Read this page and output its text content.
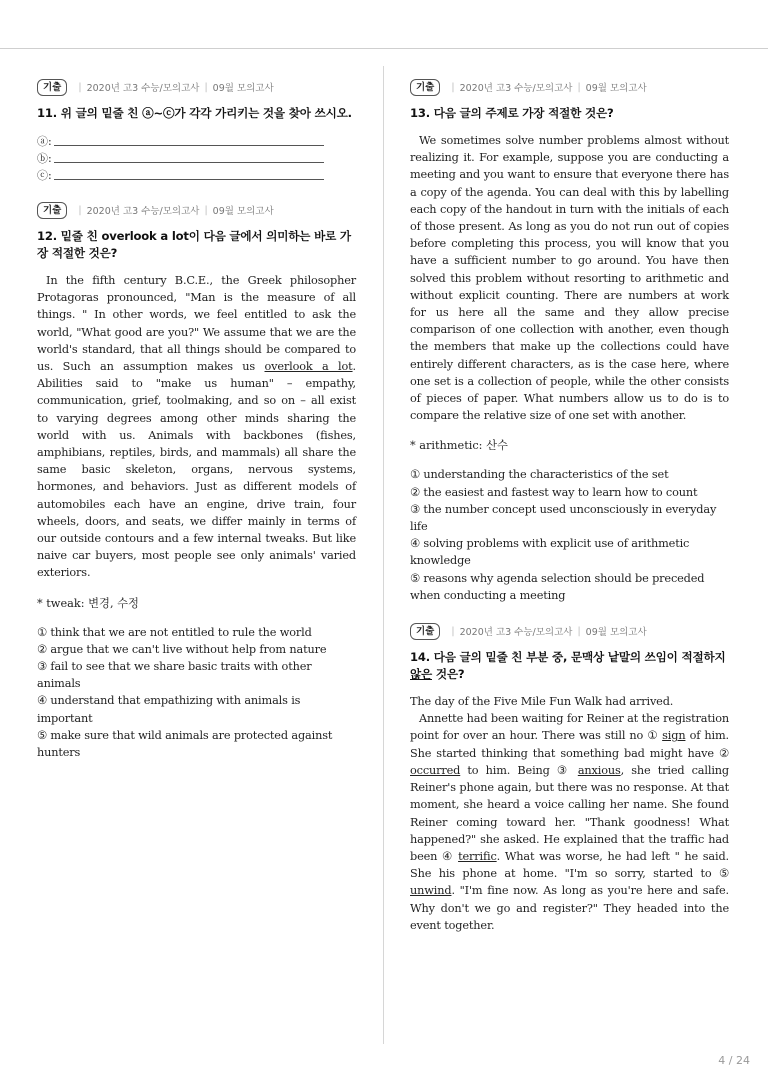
기출	| 2020년 고3 수능/모의고사 | 09월 모의고사
11. 위 글의 밑줄 친 ⓐ~ⓒ가 각각 가리키는 것을 찾아 쓰시오.
ⓐ:
ⓑ:
ⓒ:
기출	| 2020년 고3 수능/모의고사 | 09월 모의고사
12. 밑줄 친 overlook a lot이 다음 글에서 의미하는 바로 가장 적절한 것은?

In the fifth century B.C.E., the Greek philosopher Protagoras pronounced, "Man is the measure of all things. " In other words, we feel entitled to ask the world, "What good are you?" We assume that we are the world's standard, that all things should be compared to us. Such an assumption makes us overlook a lot. Abilities said to "make us human" – empathy, communication, grief, toolmaking, and so on – all exist to varying degrees among other minds sharing the world with us. Animals with backbones (fishes, amphibians, reptiles, birds, and mammals) all share the same basic skeleton, organs, nervous systems, hormones, and behaviors. Just as different models of automobiles each have an engine, drive train, four wheels, doors, and seats, we differ mainly in terms of our outside contours and a few internal tweaks. But like naive car buyers, most people see only animals' varied exteriors.

* tweak: 변경, 수정
① think that we are not entitled to rule the world
② argue that we can't live without help from nature
③ fail to see that we share basic traits with other animals
④ understand that empathizing with animals is important
⑤ make sure that wild animals are protected against hunters
기출	| 2020년 고3 수능/모의고사 | 09월 모의고사
13. 다음 글의 주제로 가장 적절한 것은?

We sometimes solve number problems almost without realizing it. For example, suppose you are conducting a meeting and you want to ensure that everyone there has a copy of the agenda. You can deal with this by labelling each copy of the handout in turn with the initials of each of those present. As long as you do not run out of copies before completing this process, you will know that you have a sufficient number to go around. You have then solved this problem without resorting to arithmetic and without explicit counting. There are numbers at work for us here all the same and they allow precise comparison of one collection with another, even though the members that make up the collections could have entirely different characters, as is the case here, where one set is a collection of people, while the other consists of pieces of paper. What numbers allow us to do is to compare the relative size of one set with another.

* arithmetic: 산수
① understanding the characteristics of the set
② the easiest and fastest way to learn how to count
③ the number concept used unconsciously in everyday life
④ solving problems with explicit use of arithmetic knowledge
⑤ reasons why agenda selection should be preceded when conducting a meeting
기출	| 2020년 고3 수능/모의고사 | 09월 모의고사
14. 다음 글의 밑줄 친 부분 중, 문맥상 낱말의 쓰임이 적절하지 않은 것은?

The day of the Five Mile Fun Walk had arrived.

Annette had been waiting for Reiner at the registration point for over an hour. There was still no ① sign of him. She started thinking that something bad might have ② occurred to him. Being ③ anxious, she tried calling Reiner's phone again, but there was no response. At that moment, she heard a voice calling her name. She found Reiner coming toward her. "Thank goodness! What happened?" she asked. He explained that the traffic had been ④ terrific. What was worse, he had left " he said. She his phone at home. "I'm so sorry, started to ⑤ unwind. "I'm fine now. As long as you're here and safe. Why don't we go and register?" They headed into the event together.

4 / 24
